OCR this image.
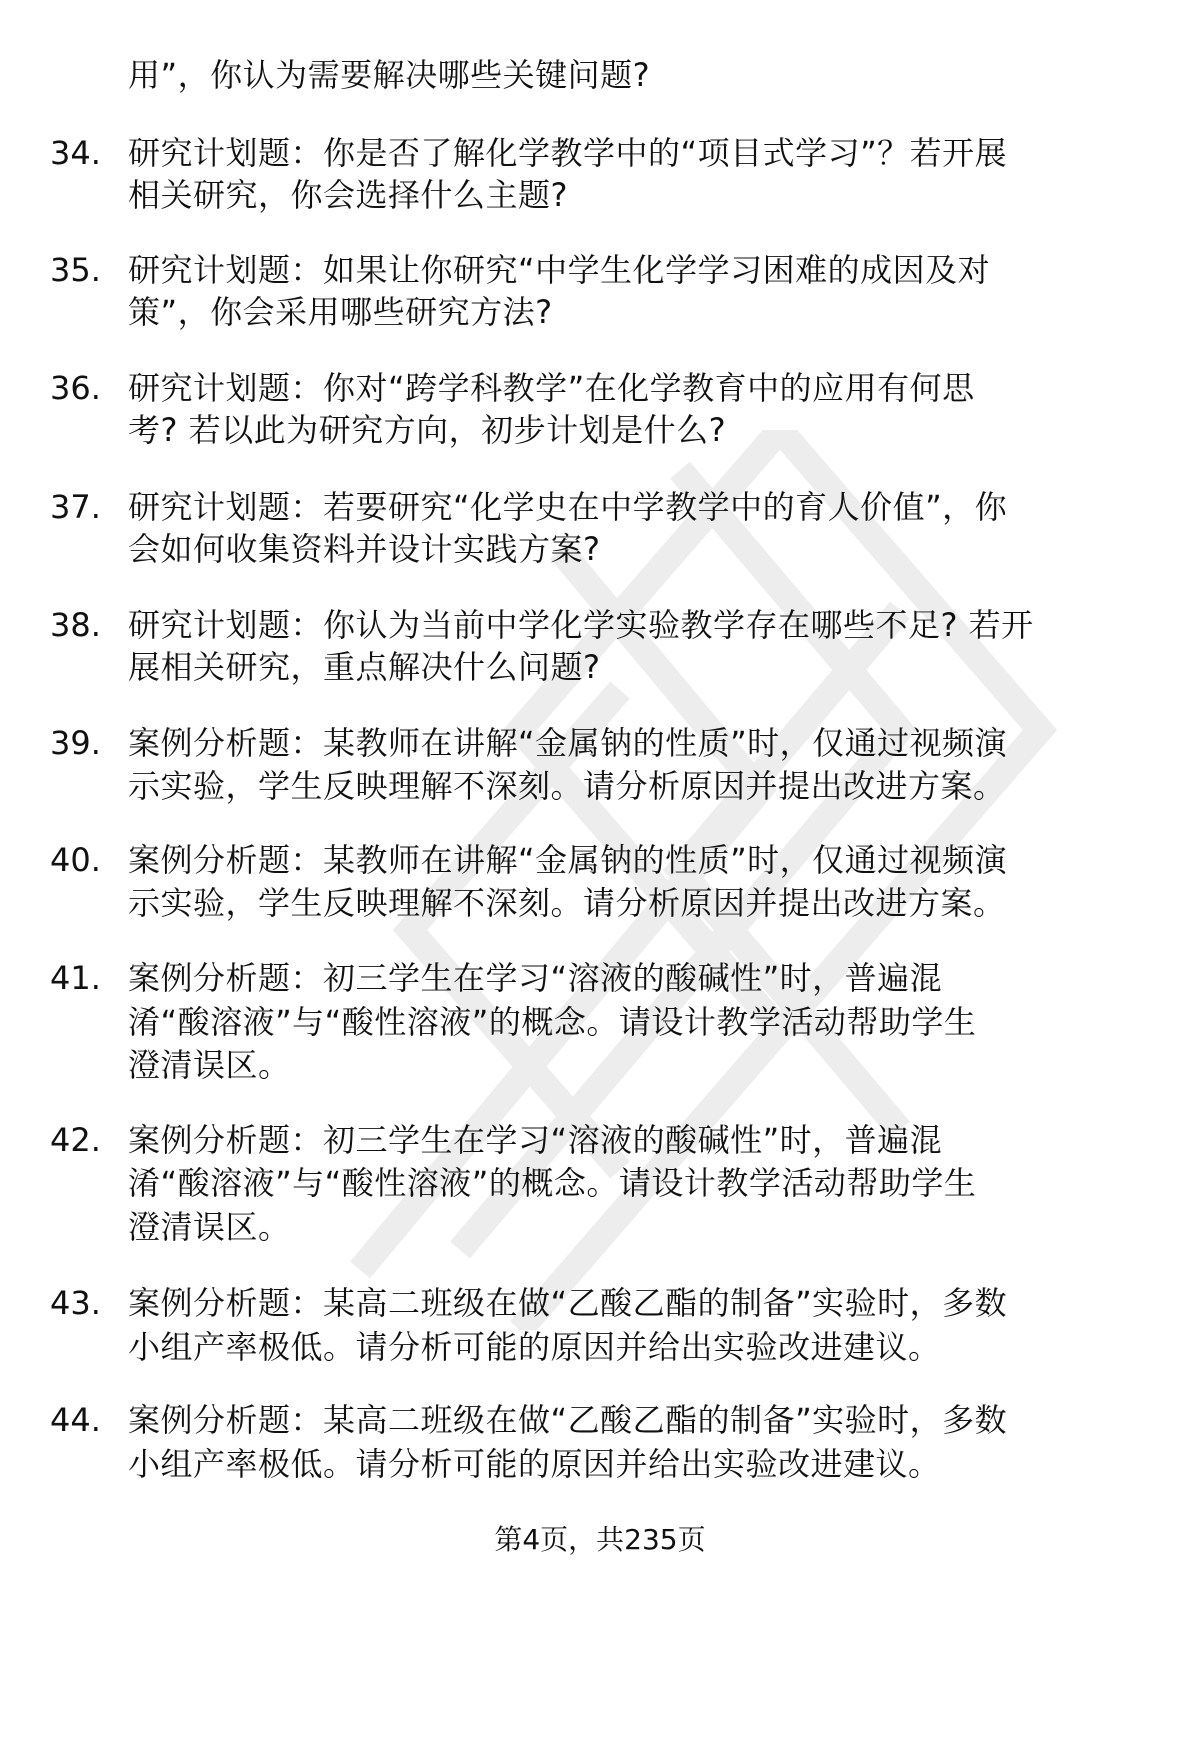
用”，你认为需要解决哪些关键问题?
34. 研究计划题：你是否了解化学教学中的“项目式学习”？若开展
相关研究，你会选择什么主题?
35. 研究计划题：如果让你研究“中学生化学学习困难的成因及对
策”，你会采用哪些研究方法?
36. 研究计划题：你对“跨学科教学”在化学教育中的应用有何思
考? 若以此为研究方向，初步计划是什么?
37. 研究计划题：若要研究“化学史在中学教学中的育人价值”，你
会如何收集资料并设计实践方案?
38. 研究计划题：你认为当前中学化学实验教学存在哪些不足? 若开
展相关研究，重点解决什么问题?
39. 案例分析题：某教师在讲解“金属钠的性质”时，仅通过视频演
示实验，学生反映理解不深刻。请分析原因并提出改进方案。
40. 案例分析题：某教师在讲解“金属钠的性质”时，仅通过视频演
示实验，学生反映理解不深刻。请分析原因并提出改进方案。
41. 案例分析题：初三学生在学习“溶液的酸碱性”时，普遍混
淆“酸溶液”与“酸性溶液”的概念。请设计教学活动帮助学生
澄清误区。
42. 案例分析题：初三学生在学习“溶液的酸碱性”时，普遍混
淆“酸溶液”与“酸性溶液”的概念。请设计教学活动帮助学生
澄清误区。
43. 案例分析题：某高二班级在做“乙酸乙酯的制备”实验时，多数
小组产率极低。请分析可能的原因并给出实验改进建议。
44. 案例分析题：某高二班级在做“乙酸乙酯的制备”实验时，多数
小组产率极低。请分析可能的原因并给出实验改进建议。
第4页，共235页
